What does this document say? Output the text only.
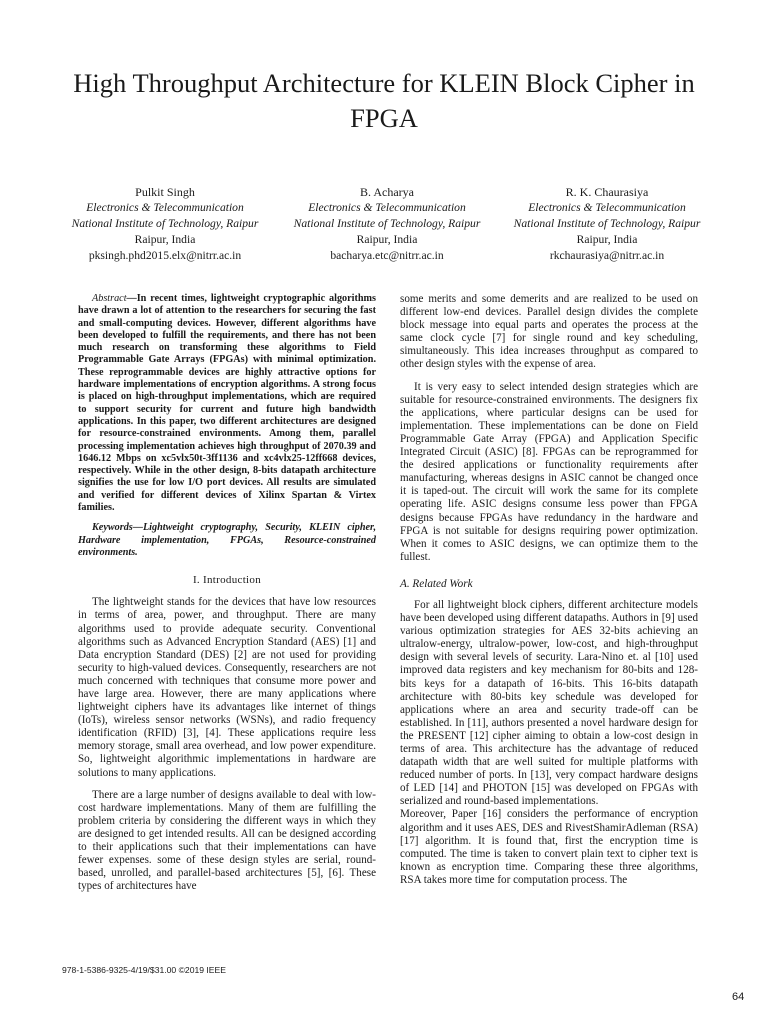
High Throughput Architecture for KLEIN Block Cipher in FPGA
Pulkit Singh
Electronics & Telecommunication
National Institute of Technology, Raipur
Raipur, India
pksingh.phd2015.elx@nitrr.ac.in
B. Acharya
Electronics & Telecommunication
National Institute of Technology, Raipur
Raipur, India
bacharya.etc@nitrr.ac.in
R. K. Chaurasiya
Electronics & Telecommunication
National Institute of Technology, Raipur
Raipur, India
rkchaurasiya@nitrr.ac.in

Abstract—In recent times, lightweight cryptographic algorithms have drawn a lot of attention to the researchers for securing the fast and small-computing devices. However, different algorithms have been developed to fulfill the requirements, and there has not been much research on transforming these algorithms to Field Programmable Gate Arrays (FPGAs) with minimal optimization. These reprogrammable devices are highly attractive options for hardware implementations of encryption algorithms. A strong focus is placed on high-throughput implementations, which are required to support security for current and future high bandwidth applications. In this paper, two different architectures are designed for resource-constrained environments. Among them, parallel processing implementation achieves high throughput of 2070.39 and 1646.12 Mbps on xc5vlx50t-3ff1136 and xc4vlx25-12ff668 devices, respectively. While in the other design, 8-bits datapath architecture signifies the use for low I/O port devices. All results are simulated and verified for different devices of Xilinx Spartan & Virtex families.

Keywords—Lightweight cryptography, Security, KLEIN cipher, Hardware implementation, FPGAs, Resource-constrained environments.

I. Introduction

The lightweight stands for the devices that have low resources in terms of area, power, and throughput. There are many algorithms used to provide adequate security. Conventional algorithms such as Advanced Encryption Standard (AES) [1] and Data encryption Standard (DES) [2] are not used for providing security to high-valued devices. Consequently, researchers are not much concerned with techniques that consume more power and have large area. However, there are many applications where lightweight ciphers have its advantages like internet of things (IoTs), wireless sensor networks (WSNs), and radio frequency identification (RFID) [3], [4]. These applications require less memory storage, small area overhead, and low power expenditure. So, lightweight algorithmic implementations in hardware are solutions to many applications.

There are a large number of designs available to deal with low-cost hardware implementations. Many of them are fulfilling the problem criteria by considering the different ways in which they are designed to get intended results. All can be designed according to their applications such that their implementations can have fewer expenses. some of these design styles are serial, round-based, unrolled, and parallel-based architectures [5], [6]. These types of architectures have

some merits and some demerits and are realized to be used on different low-end devices. Parallel design divides the complete block message into equal parts and operates the process at the same clock cycle [7] for single round and key scheduling, simultaneously. This idea increases throughput as compared to other design styles with the expense of area.

It is very easy to select intended design strategies which are suitable for resource-constrained environments. The designers fix the applications, where particular designs can be used for implementation. These implementations can be done on Field Programmable Gate Array (FPGA) and Application Specific Integrated Circuit (ASIC) [8]. FPGAs can be reprogrammed for the desired applications or functionality requirements after manufacturing, whereas designs in ASIC cannot be changed once it is taped-out. The circuit will work the same for its complete operating life. ASIC designs consume less power than FPGA designs because FPGAs have redundancy in the hardware and FPGA is not suitable for designs requiring power optimization. When it comes to ASIC designs, we can optimize them to the fullest.

A. Related Work

For all lightweight block ciphers, different architecture models have been developed using different datapaths. Authors in [9] used various optimization strategies for AES 32-bits achieving an ultralow-energy, ultralow-power, low-cost, and high-throughput design with several levels of security. Lara-Nino et. al [10] used improved data registers and key mechanism for 80-bits and 128-bits keys for a datapath of 16-bits. This 16-bits datapath architecture with 80-bits key schedule was developed for applications where an area and security trade-off can be established. In [11], authors presented a novel hardware design for the PRESENT [12] cipher aiming to obtain a low-cost design in terms of area. This architecture has the advantage of reduced datapath width that are well suited for multiple platforms with reduced number of ports. In [13], very compact hardware designs of LED [14] and PHOTON [15] was developed on FPGAs with serialized and round-based implementations.

Moreover, Paper [16] considers the performance of encryption algorithm and it uses AES, DES and RivestShamirAdleman (RSA) [17] algorithm. It is found that, first the encryption time is computed. The time is taken to convert plain text to cipher text is known as encryption time. Comparing these three algorithms, RSA takes more time for computation process. The

978-1-5386-9325-4/19/$31.00 ©2019 IEEE
64
